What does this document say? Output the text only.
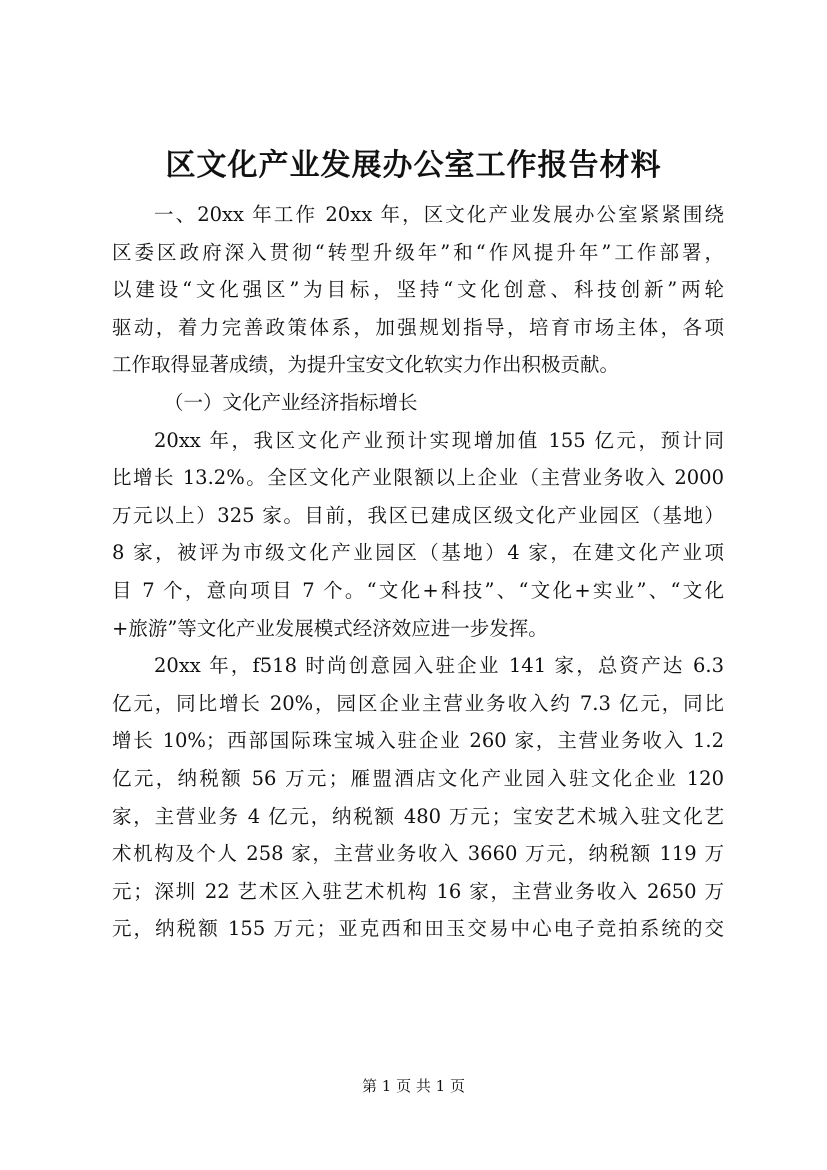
区文化产业发展办公室工作报告材料
一、20xx 年工作 20xx 年，区文化产业发展办公室紧紧围绕
区委区政府深入贯彻“转型升级年”和“作风提升年”工作部署，
以建设“文化强区”为目标，坚持“文化创意、科技创新”两轮
驱动，着力完善政策体系，加强规划指导，培育市场主体，各项
工作取得显著成绩，为提升宝安文化软实力作出积极贡献。
（一）文化产业经济指标增长
20xx 年，我区文化产业预计实现增加值 155 亿元，预计同
比增长 13.2%。全区文化产业限额以上企业（主营业务收入 2000
万元以上）325 家。目前，我区已建成区级文化产业园区（基地）
8 家，被评为市级文化产业园区（基地）4 家，在建文化产业项
目 7 个，意向项目 7 个。“文化+科技”、“文化+实业”、“文化
+旅游”等文化产业发展模式经济效应进一步发挥。
20xx 年，f518 时尚创意园入驻企业 141 家，总资产达 6.3
亿元，同比增长 20%，园区企业主营业务收入约 7.3 亿元，同比
增长 10%；西部国际珠宝城入驻企业 260 家，主营业务收入 1.2
亿元，纳税额 56 万元；雁盟酒店文化产业园入驻文化企业 120
家，主营业务 4 亿元，纳税额 480 万元；宝安艺术城入驻文化艺
术机构及个人 258 家，主营业务收入 3660 万元，纳税额 119 万
元；深圳 22 艺术区入驻艺术机构 16 家，主营业务收入 2650 万
元，纳税额 155 万元；亚克西和田玉交易中心电子竞拍系统的交
第 1 页 共 1 页
